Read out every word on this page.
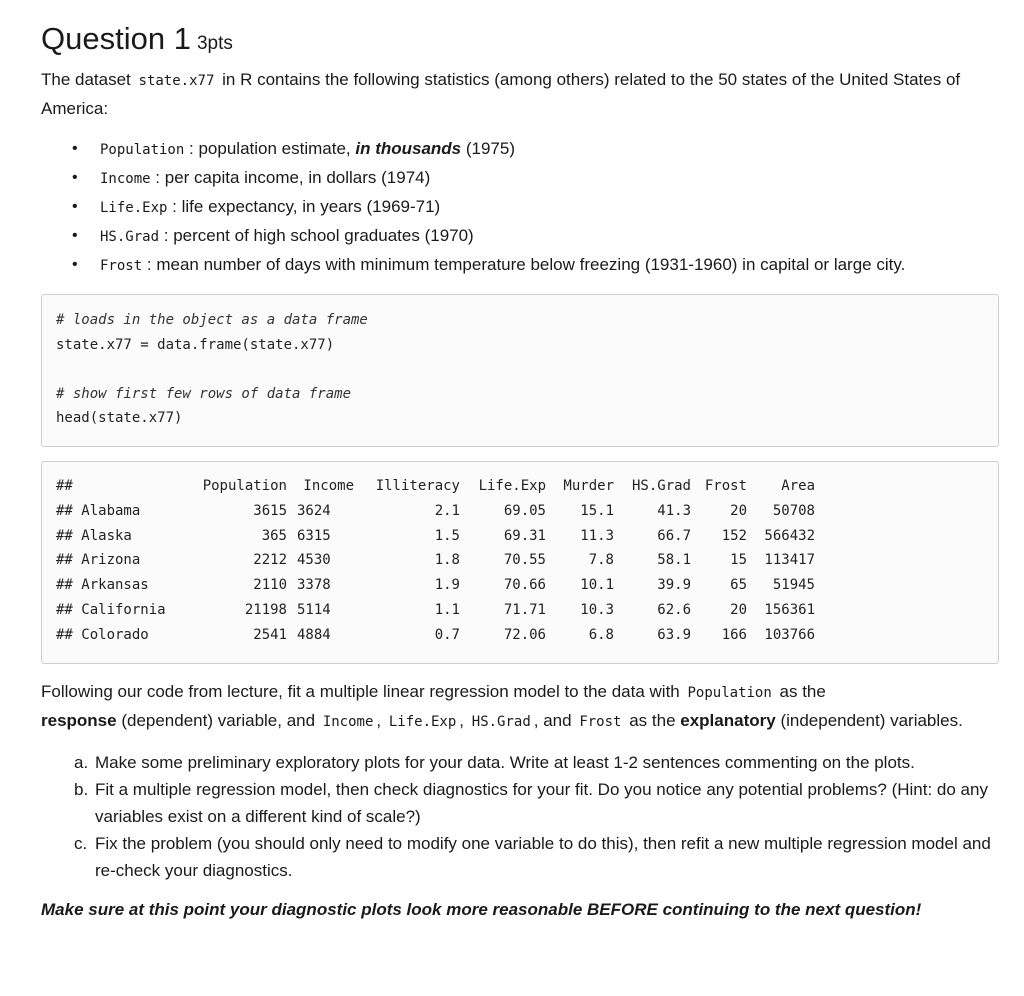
Question 1 3pts

The dataset state.x77 in R contains the following statistics (among others) related to the 50 states of the United States of America:

• Population : population estimate, in thousands (1975)
• Income : per capita income, in dollars (1974)
• Life.Exp : life expectancy, in years (1969-71)
• HS.Grad : percent of high school graduates (1970)
• Frost : mean number of days with minimum temperature below freezing (1931-1960) in capital or large city.
# loads in the object as a data frame
state.x77 = data.frame(state.x77)

# show first few rows of data frame
head(state.x77)
##	Population	Income	Illiteracy	Life.Exp	Murder	HS.Grad	Frost	Area
## Alabama	3615	3624	2.1	69.05	15.1	41.3	20	50708
## Alaska	365	6315	1.5	69.31	11.3	66.7	152	566432
## Arizona	2212	4530	1.8	70.55	7.8	58.1	15	113417
## Arkansas	2110	3378	1.9	70.66	10.1	39.9	65	51945
## California	21198	5114	1.1	71.71	10.3	62.6	20	156361
## Colorado	2541	4884	0.7	72.06	6.8	63.9	166	103766

Following our code from lecture, fit a multiple linear regression model to the data with Population as the
response (dependent) variable, and Income , Life.Exp , HS.Grad , and Frost as the explanatory (independent) variables.

a. Make some preliminary exploratory plots for your data. Write at least 1-2 sentences commenting on the plots.
b. Fit a multiple regression model, then check diagnostics for your fit. Do you notice any potential problems? (Hint: do any variables exist on a different kind of scale?)
c. Fix the problem (you should only need to modify one variable to do this), then refit a new multiple regression model and re-check your diagnostics.

Make sure at this point your diagnostic plots look more reasonable BEFORE continuing to the next question!
